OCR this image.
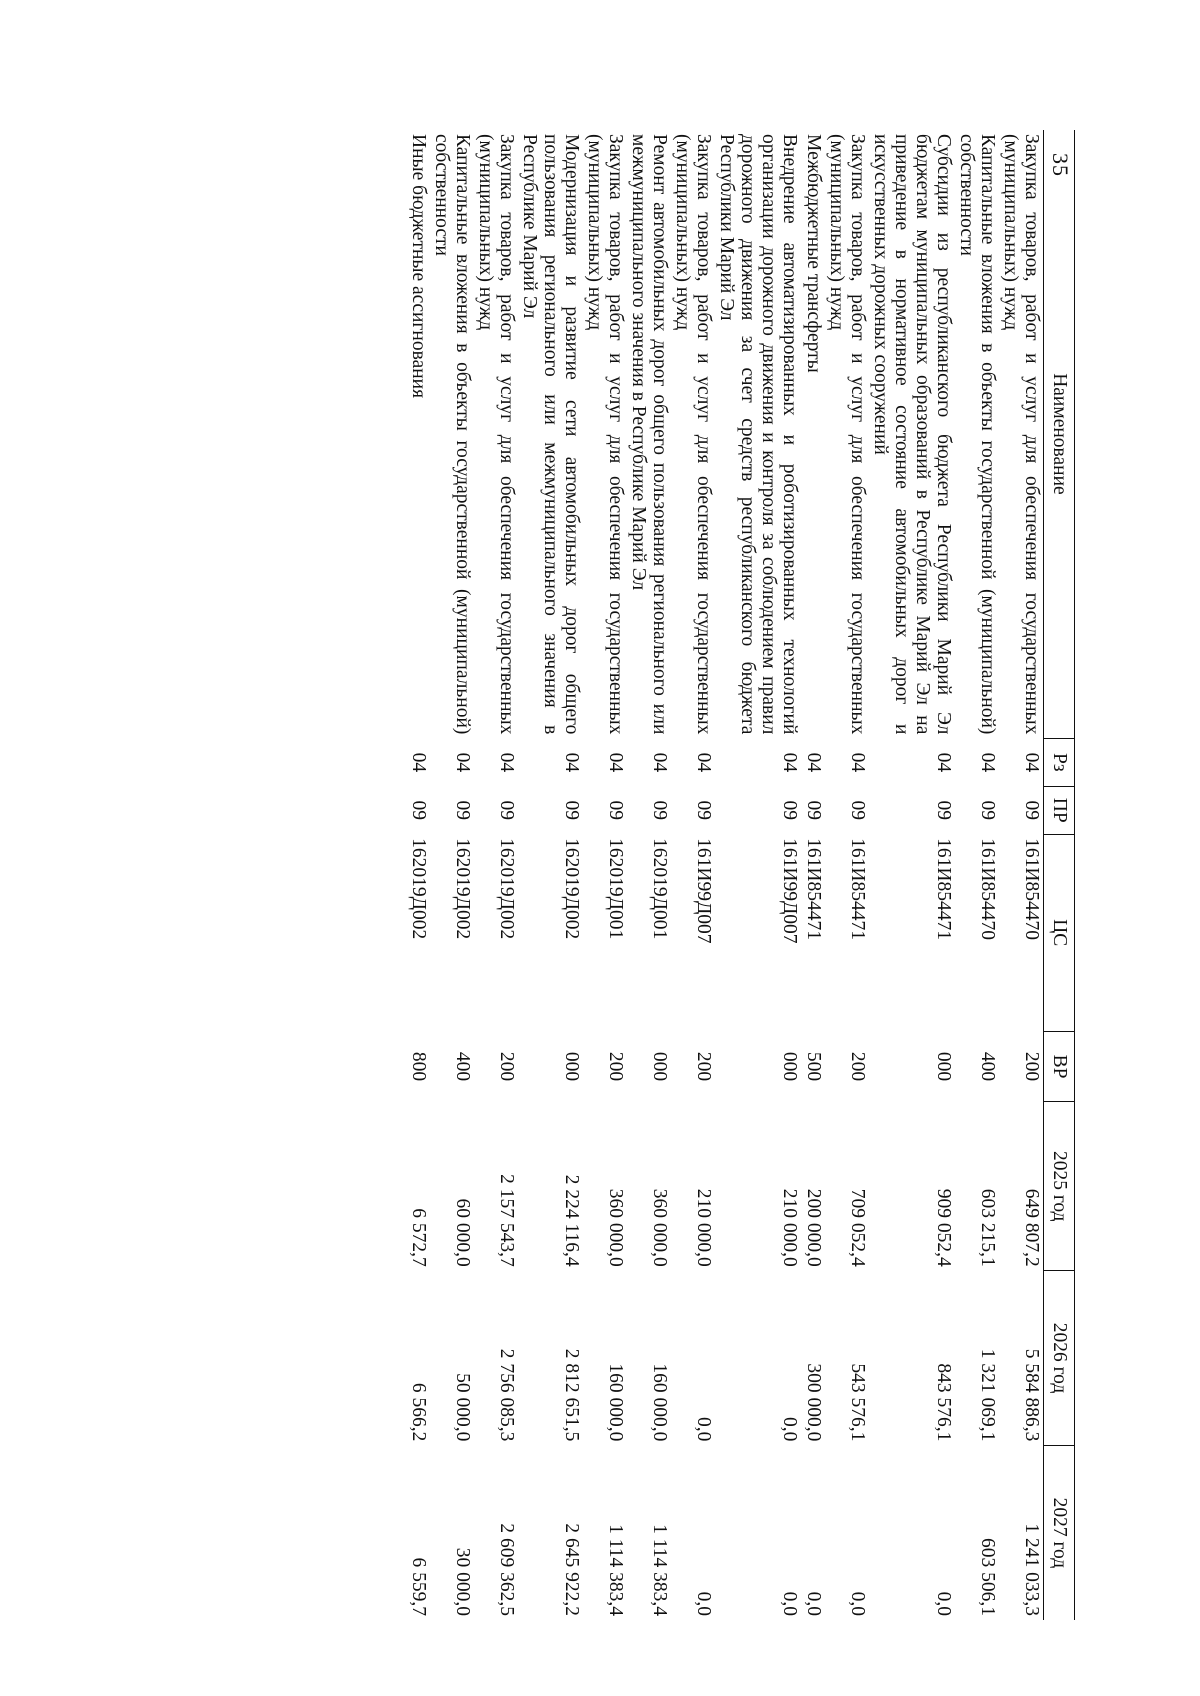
35
Наименование	Рз	ПР	ЦС	ВР	2025 год	2026 год	2027 год
Закупка товаров, работ и услуг для обеспечения государственных (муниципальных) нужд	04	09	161И854470	200	649 807,2	5 584 886,3	1 241 033,3
Капитальные вложения в объекты государственной (муниципальной) собственности	04	09	161И854470	400	603 215,1	1 321 069,1	603 506,1
Субсидии из республиканского бюджета Республики Марий Эл бюджетам муниципальных образований в Республике Марий Эл на приведение в нормативное состояние автомобильных дорог и искусственных дорожных сооружений	04	09	161И854471	000	909 052,4	843 576,1	0,0
Закупка товаров, работ и услуг для обеспечения государственных (муниципальных) нужд	04	09	161И854471	200	709 052,4	543 576,1	0,0
Межбюджетные трансферты	04	09	161И854471	500	200 000,0	300 000,0	0,0
Внедрение автоматизированных и роботизированных технологий организации дорожного движения и контроля за соблюдением правил дорожного движения за счет средств республиканского бюджета Республики Марий Эл	04	09	161И99Д007	000	210 000,0	0,0	0,0
Закупка товаров, работ и услуг для обеспечения государственных (муниципальных) нужд	04	09	161И99Д007	200	210 000,0	0,0	0,0
Ремонт автомобильных дорог общего пользования регионального или межмуниципального значения в Республике Марий Эл	04	09	162019Д001	000	360 000,0	160 000,0	1 114 383,4
Закупка товаров, работ и услуг для обеспечения государственных (муниципальных) нужд	04	09	162019Д001	200	360 000,0	160 000,0	1 114 383,4
Модернизация и развитие сети автомобильных дорог общего пользования регионального или межмуниципального значения в Республике Марий Эл	04	09	162019Д002	000	2 224 116,4	2 812 651,5	2 645 922,2
Закупка товаров, работ и услуг для обеспечения государственных (муниципальных) нужд	04	09	162019Д002	200	2 157 543,7	2 756 085,3	2 609 362,5
Капитальные вложения в объекты государственной (муниципальной) собственности	04	09	162019Д002	400	60 000,0	50 000,0	30 000,0
Иные бюджетные ассигнования	04	09	162019Д002	800	6 572,7	6 566,2	6 559,7
